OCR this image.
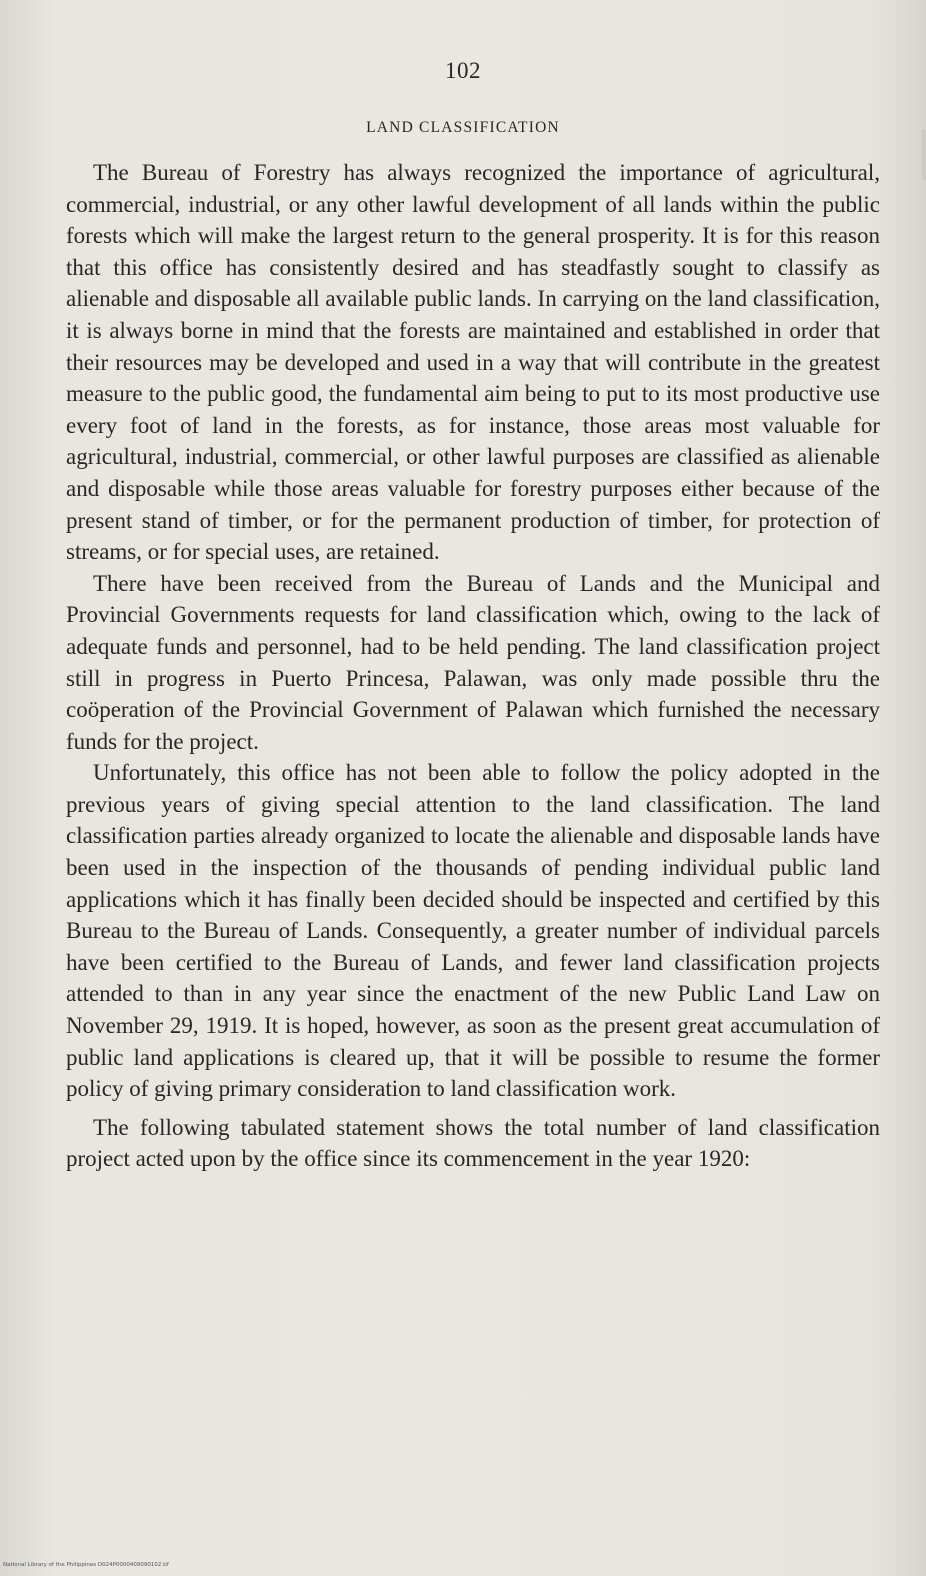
102
LAND CLASSIFICATION

The Bureau of Forestry has always recognized the importance of agricultural, commercial, industrial, or any other lawful development of all lands within the public forests which will make the largest return to the general prosperity. It is for this reason that this office has consistently desired and has steadfastly sought to classify as alienable and disposable all available public lands. In carrying on the land classification, it is always borne in mind that the forests are maintained and established in order that their resources may be developed and used in a way that will contribute in the greatest measure to the public good, the fundamental aim being to put to its most productive use every foot of land in the forests, as for instance, those areas most valuable for agricultural, industrial, commercial, or other lawful purposes are classified as alienable and disposable while those areas valuable for forestry purposes either because of the present stand of timber, or for the permanent production of timber, for protection of streams, or for special uses, are retained.

There have been received from the Bureau of Lands and the Municipal and Provincial Governments requests for land classification which, owing to the lack of adequate funds and personnel, had to be held pending. The land classification project still in progress in Puerto Princesa, Palawan, was only made possible thru the coöperation of the Provincial Government of Palawan which furnished the necessary funds for the project.

Unfortunately, this office has not been able to follow the policy adopted in the previous years of giving special attention to the land classification. The land classification parties already organized to locate the alienable and disposable lands have been used in the inspection of the thousands of pending individual public land applications which it has finally been decided should be inspected and certified by this Bureau to the Bureau of Lands. Consequently, a greater number of individual parcels have been certified to the Bureau of Lands, and fewer land classification projects attended to than in any year since the enactment of the new Public Land Law on November 29, 1919. It is hoped, however, as soon as the present great accumulation of public land applications is cleared up, that it will be possible to resume the former policy of giving primary consideration to land classification work.

The following tabulated statement shows the total number of land classification project acted upon by the office since its commencement in the year 1920:

National Library of the Philippines D024P0000409090102.tif
